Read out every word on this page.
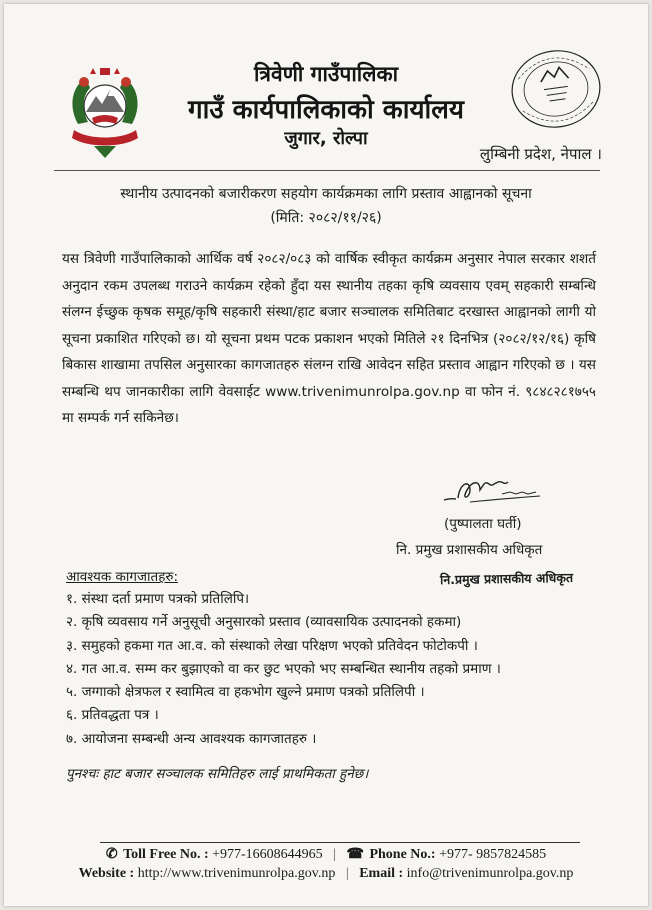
त्रिवेणी गाउँपालिका
गाउँ कार्यपालिकाको कार्यालय
जुगार, रोल्पा
लुम्बिनी प्रदेश, नेपाल ।
स्थानीय उत्पादनको बजारीकरण सहयोग कार्यक्रमका लागि प्रस्ताव आह्वानको सूचना
(मिति: २०८२/११/२६)
यस त्रिवेणी गाउँपालिकाको आर्थिक वर्ष २०८२/०८३ को वार्षिक स्वीकृत कार्यक्रम अनुसार नेपाल सरकार शशर्त अनुदान रकम उपलब्ध गराउने कार्यक्रम रहेको हुँदा यस स्थानीय तहका कृषि व्यवसाय एवम् सहकारी सम्बन्धि संलग्न ईच्छुक कृषक समूह/कृषि सहकारी संस्था/हाट बजार सञ्चालक समितिबाट दरखास्त आह्वानको लागी यो सूचना प्रकाशित गरिएको छ। यो सूचना प्रथम पटक प्रकाशन भएको मितिले २१ दिनभित्र (२०८२/१२/१६) कृषि बिकास शाखामा तपसिल अनुसारका कागजातहरु संलग्न राखि आवेदन सहित प्रस्ताव आह्वान गरिएको छ । यस सम्बन्धि थप जानकारीका लागि वेवसाईट www.trivenimunrolpa.gov.np वा फोन नं. ९८४८२८१७५५ मा सम्पर्क गर्न सकिनेछ।
(पुष्पालता घर्ती)
नि. प्रमुख प्रशासकीय अधिकृत
नि.प्रमुख प्रशासकीय अधिकृत
आवश्यक कागजातहरु:
१. संस्था दर्ता प्रमाण पत्रको प्रतिलिपि।
२. कृषि व्यवसाय गर्ने अनुसूची अनुसारको प्रस्ताव (व्यावसायिक उत्पादनको हकमा)
३. समुहको हकमा गत आ.व. को संस्थाको लेखा परिक्षण भएको प्रतिवेदन फोटोकपी ।
४. गत आ.व. सम्म कर बुझाएको वा कर छुट भएको भए सम्बन्धित स्थानीय तहको प्रमाण ।
५. जग्गाको क्षेत्रफल र स्वामित्व वा हकभोग खुल्ने प्रमाण पत्रको प्रतिलिपी ।
६. प्रतिवद्धता पत्र ।
७. आयोजना सम्बन्धी अन्य आवश्यक कागजातहरु ।
पुनश्चः हाट बजार सञ्चालक समितिहरु लाई प्राथमिकता हुनेछ।
✆ Toll Free No. : +977-16608644965 | ☎ Phone No.: +977- 9857824585
Website : http://www.trivenimunrolpa.gov.np | Email : info@trivenimunrolpa.gov.np
